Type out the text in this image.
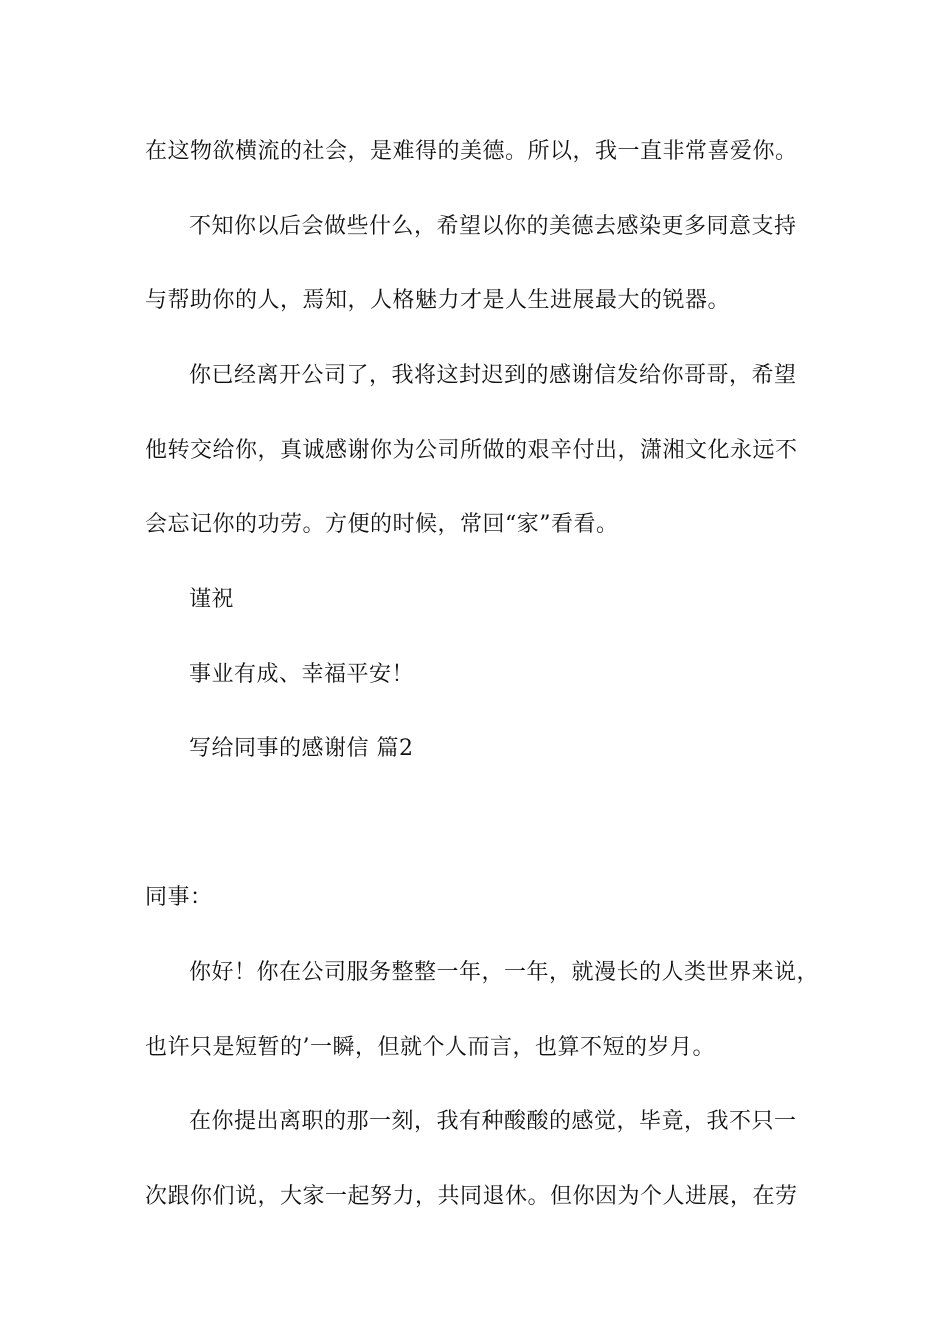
在这物欲横流的社会，是难得的美德。所以，我一直非常喜爱你。
不知你以后会做些什么，希望以你的美德去感染更多同意支持
与帮助你的人，焉知，人格魅力才是人生进展最大的锐器。
你已经离开公司了，我将这封迟到的感谢信发给你哥哥，希望
他转交给你，真诚感谢你为公司所做的艰辛付出，潇湘文化永远不
会忘记你的功劳。方便的时候，常回“家”看看。
谨祝
事业有成、幸福平安！
写给同事的感谢信 篇2
同事：
你好！你在公司服务整整一年，一年，就漫长的人类世界来说，
也许只是短暂的’一瞬，但就个人而言，也算不短的岁月。
在你提出离职的那一刻，我有种酸酸的感觉，毕竟，我不只一
次跟你们说，大家一起努力，共同退休。但你因为个人进展，在劳
